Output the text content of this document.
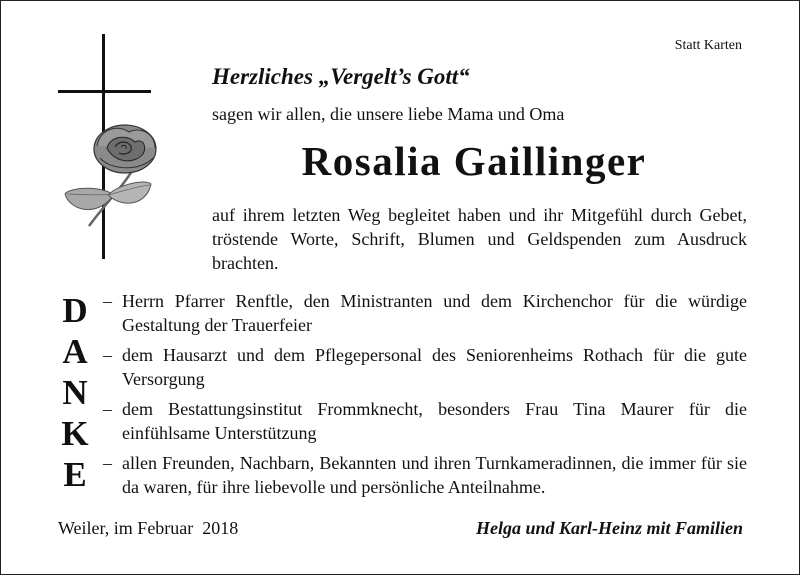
Statt Karten
Herzliches „Vergelt’s Gott“
sagen wir allen, die unsere liebe Mama und Oma
Rosalia Gaillinger
auf ihrem letzten Weg begleitet haben und ihr Mitgefühl durch Gebet, tröstende Worte, Schrift, Blumen und Geldspenden zum Ausdruck brachten.
D
A
N
K
E
– Herrn Pfarrer Renftle, den Ministranten und dem Kirchenchor für die würdige Gestaltung der Trauerfeier
– dem Hausarzt und dem Pflegepersonal des Seniorenheims Rothach für die gute Versorgung
– dem Bestattungsinstitut Frommknecht, besonders Frau Tina Maurer für die einfühlsame Unterstützung
– allen Freunden, Nachbarn, Bekannten und ihren Turnkameradinnen, die immer für sie da waren, für ihre liebevolle und persönliche Anteilnahme.
Weiler, im Februar  2018	Helga und Karl-Heinz mit Familien
